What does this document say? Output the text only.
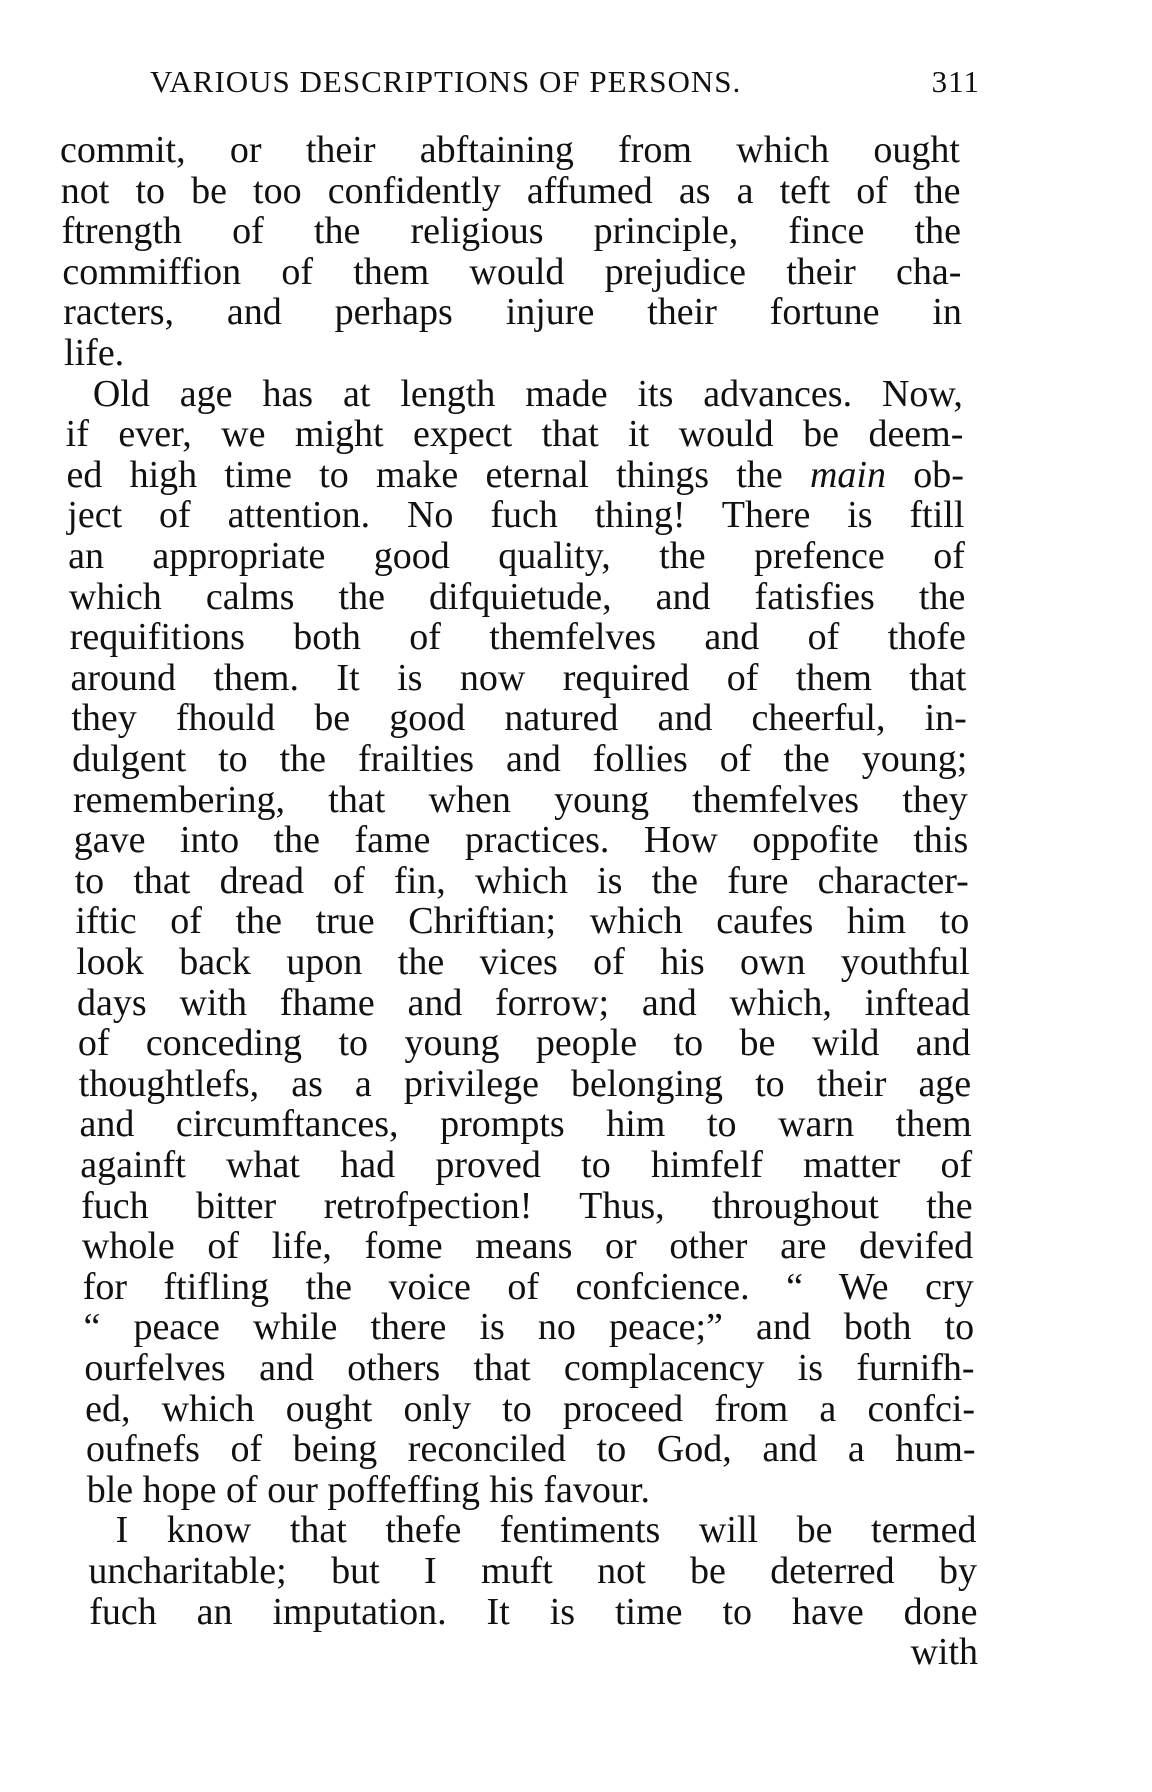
VARIOUS DESCRIPTIONS OF PERSONS.	311
commit, or their abftaining from which ought
not to be too confidently affumed as a teft of the
ftrength of the religious principle, fince the
commiffion of them would prejudice their cha-
racters, and perhaps injure their fortune in
life.
Old age has at length made its advances. Now,
if ever, we might expect that it would be deem-
ed high time to make eternal things the main ob-
ject of attention. No fuch thing! There is ftill
an appropriate good quality, the prefence of
which calms the difquietude, and fatisfies the
requifitions both of themfelves and of thofe
around them. It is now required of them that
they fhould be good natured and cheerful, in-
dulgent to the frailties and follies of the young;
remembering, that when young themfelves they
gave into the fame practices. How oppofite this
to that dread of fin, which is the fure character-
iftic of the true Chriftian; which caufes him to
look back upon the vices of his own youthful
days with fhame and forrow; and which, inftead
of conceding to young people to be wild and
thoughtlefs, as a privilege belonging to their age
and circumftances, prompts him to warn them
againft what had proved to himfelf matter of
fuch bitter retrofpection! Thus, throughout the
whole of life, fome means or other are devifed
for ftifling the voice of confcience. “ We cry
“ peace while there is no peace;” and both to
ourfelves and others that complacency is furnifh-
ed, which ought only to proceed from a confci-
oufnefs of being reconciled to God, and a hum-
ble hope of our poffeffing his favour.
I know that thefe fentiments will be termed
uncharitable; but I muft not be deterred by
fuch an imputation. It is time to have done
with
